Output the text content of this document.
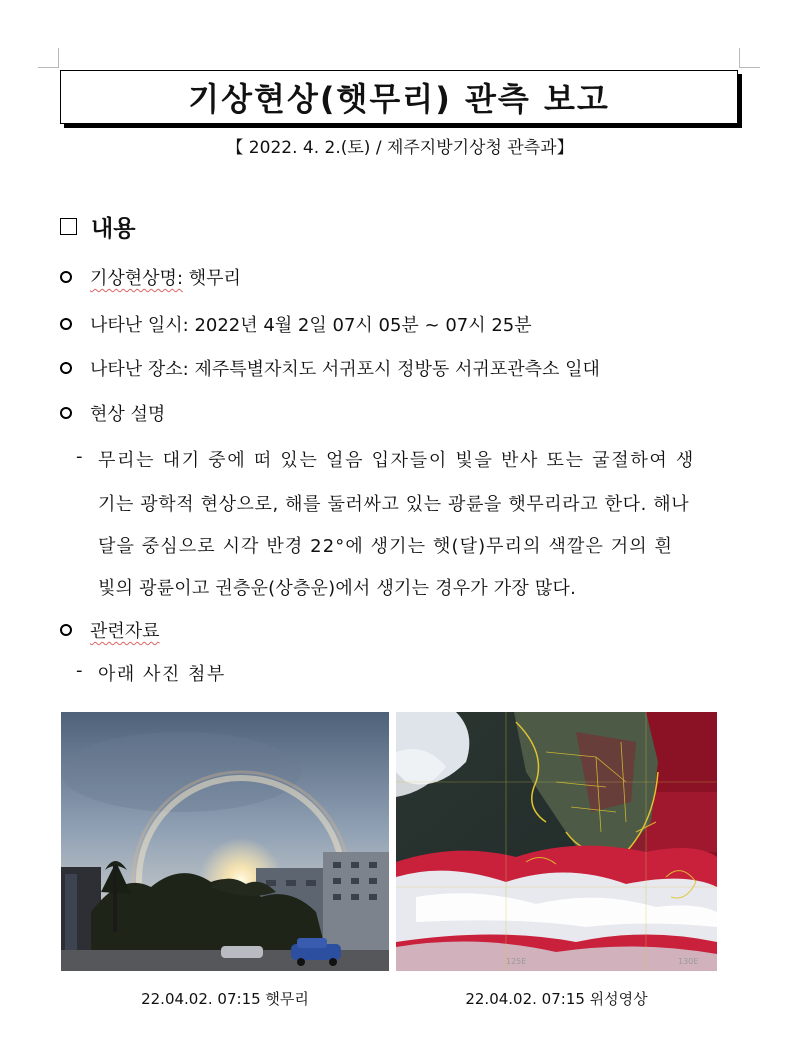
기상현상(햇무리) 관측 보고
【 2022. 4. 2.(토) / 제주지방기상청 관측과】
내용
기상현상명:
햇무리
나타난 일시: 2022년 4월 2일 07시 05분 ~ 07시 25분
나타난 장소: 제주특별자치도 서귀포시 정방동 서귀포관측소 일대
현상 설명
- 무리는 대기 중에 떠 있는 얼음 입자들이 빛을 반사 또는 굴절하여 생
기는 광학적 현상으로, 해를 둘러싸고 있는 광륜을 햇무리라고 한다. 해나
달을 중심으로 시각 반경 22°에 생기는 햇(달)무리의 색깔은 거의 흰
빛의 광륜이고 권층운(상층운)에서 생기는 경우가 가장 많다.
관련자료
- 아래 사진 첨부
125E	130E
22.04.02. 07:15 햇무리	22.04.02. 07:15 위성영상
